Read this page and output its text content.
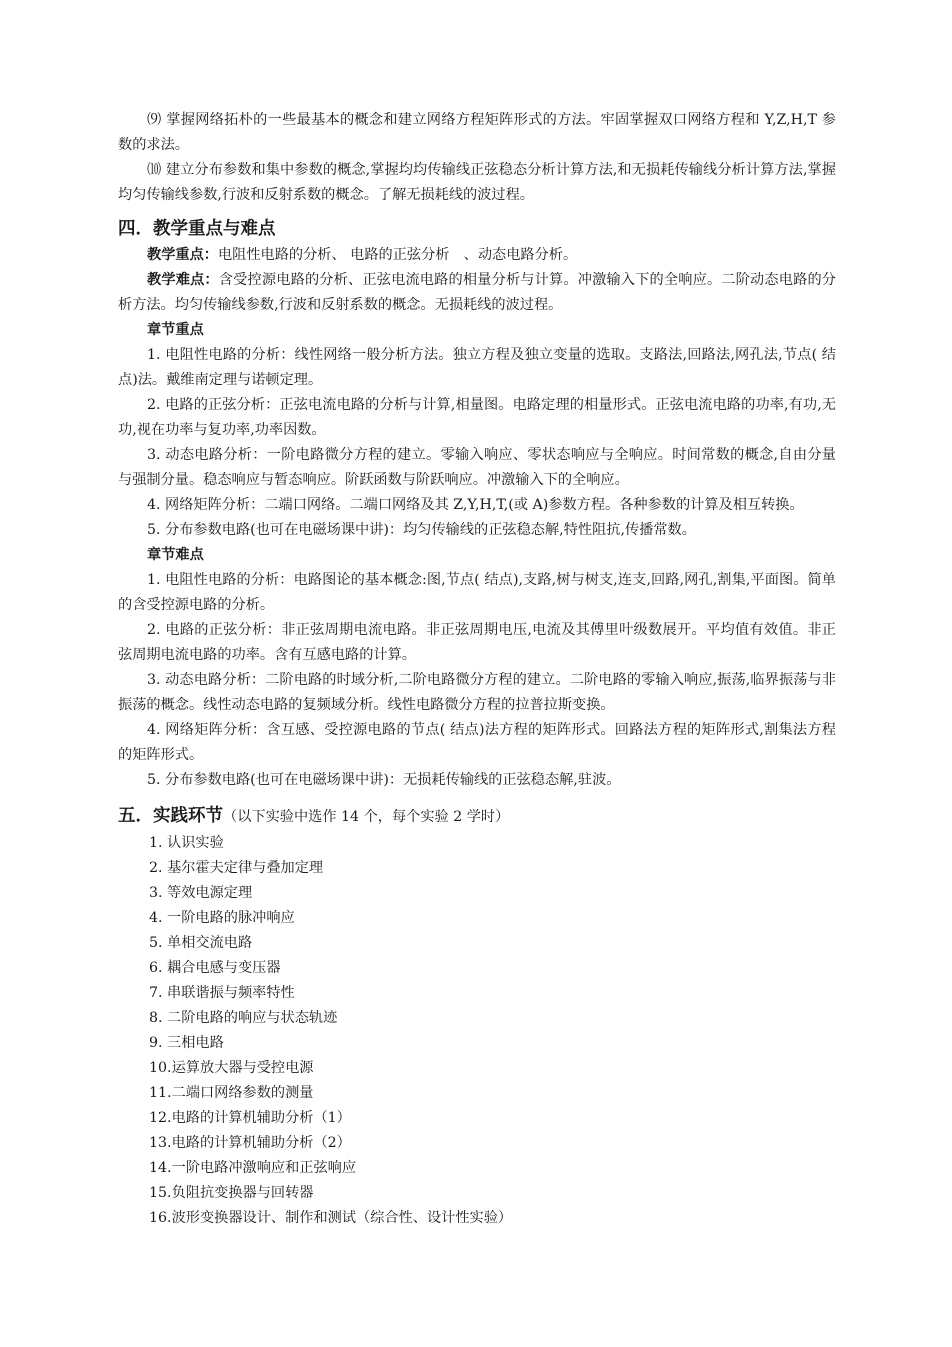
⑼ 掌握网络拓朴的一些最基本的概念和建立网络方程矩阵形式的方法。牢固掌握双口网络方程和 Y,Z,H,T 参数的求法。

⑽ 建立分布参数和集中参数的概念,掌握均均传输线正弦稳态分析计算方法,和无损耗传输线分析计算方法,掌握均匀传输线参数,行波和反射系数的概念。了解无损耗线的波过程。

四．教学重点与难点

教学重点：电阻性电路的分析、 电路的正弦分析　、动态电路分析。

教学难点：含受控源电路的分析、正弦电流电路的相量分析与计算。冲激输入下的全响应。二阶动态电路的分析方法。均匀传输线参数,行波和反射系数的概念。无损耗线的波过程。

章节重点

1. 电阻性电路的分析：线性网络一般分析方法。独立方程及独立变量的选取。支路法,回路法,网孔法,节点( 结点)法。戴维南定理与诺顿定理。

2. 电路的正弦分析：正弦电流电路的分析与计算,相量图。电路定理的相量形式。正弦电流电路的功率,有功,无功,视在功率与复功率,功率因数。

3. 动态电路分析：一阶电路微分方程的建立。零输入响应、零状态响应与全响应。时间常数的概念,自由分量与强制分量。稳态响应与暂态响应。阶跃函数与阶跃响应。冲激输入下的全响应。

4. 网络矩阵分析：二端口网络。二端口网络及其 Z,Y,H,T,(或 A)参数方程。各种参数的计算及相互转换。

5. 分布参数电路(也可在电磁场课中讲)：均匀传输线的正弦稳态解,特性阻抗,传播常数。

章节难点

1. 电阻性电路的分析：电路图论的基本概念:图,节点( 结点),支路,树与树支,连支,回路,网孔,割集,平面图。简单的含受控源电路的分析。

2. 电路的正弦分析：非正弦周期电流电路。非正弦周期电压,电流及其傅里叶级数展开。平均值有效值。非正弦周期电流电路的功率。含有互感电路的计算。

3. 动态电路分析：二阶电路的时域分析,二阶电路微分方程的建立。二阶电路的零输入响应,振荡,临界振荡与非振荡的概念。线性动态电路的复频域分析。线性电路微分方程的拉普拉斯变换。

4. 网络矩阵分析：含互感、受控源电路的节点( 结点)法方程的矩阵形式。回路法方程的矩阵形式,割集法方程的矩阵形式。

5. 分布参数电路(也可在电磁场课中讲)：无损耗传输线的正弦稳态解,驻波。

五．实践环节（以下实验中选作 14 个，每个实验 2 学时）
1. 认识实验
2. 基尔霍夫定律与叠加定理
3. 等效电源定理
4. 一阶电路的脉冲响应
5. 单相交流电路
6. 耦合电感与变压器
7. 串联谐振与频率特性
8. 二阶电路的响应与状态轨迹
9. 三相电路
10.运算放大器与受控电源
11.二端口网络参数的测量
12.电路的计算机辅助分析（1）
13.电路的计算机辅助分析（2）
14.一阶电路冲激响应和正弦响应
15.负阻抗变换器与回转器
16.波形变换器设计、制作和测试（综合性、设计性实验）
